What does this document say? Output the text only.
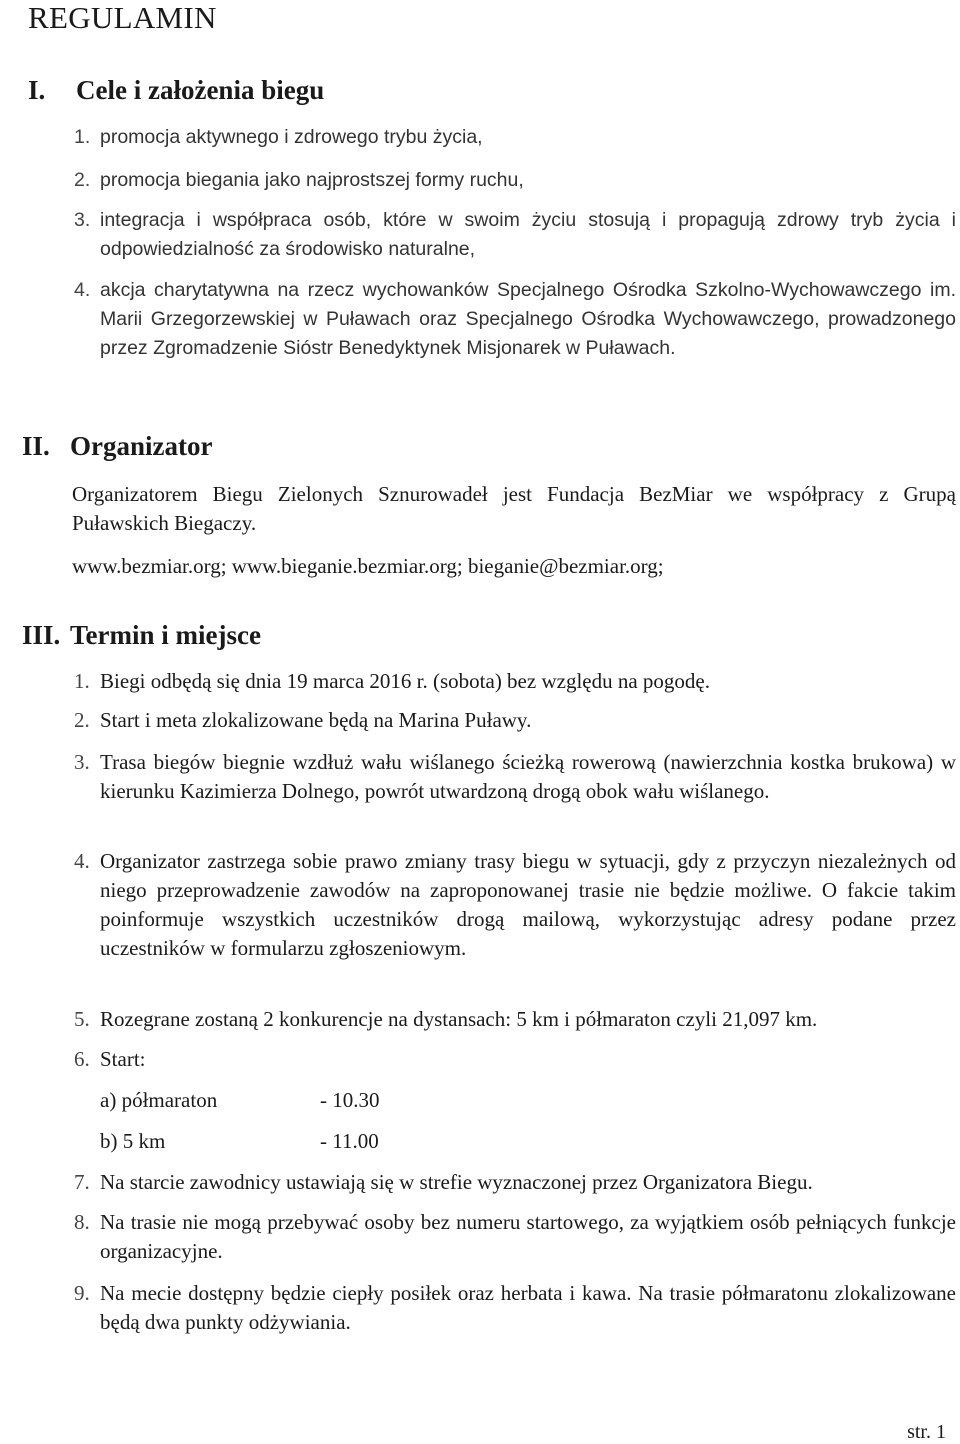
REGULAMIN
I.	Cele i założenia biegu
1. promocja aktywnego i zdrowego trybu życia,
2. promocja biegania jako najprostszej formy ruchu,
3. integracja i współpraca osób, które w swoim życiu stosują i propagują zdrowy tryb życia i odpowiedzialność za środowisko naturalne,
4. akcja charytatywna na rzecz wychowanków Specjalnego Ośrodka Szkolno-Wychowawczego im. Marii Grzegorzewskiej w Puławach oraz Specjalnego Ośrodka Wychowawczego, prowadzonego przez Zgromadzenie Sióstr Benedyktynek Misjonarek w Puławach.
II. Organizator
Organizatorem Biegu Zielonych Sznurowadeł jest Fundacja BezMiar we współpracy z Grupą Puławskich Biegaczy.
www.bezmiar.org; www.bieganie.bezmiar.org; bieganie@bezmiar.org;
III. Termin i miejsce
1. Biegi odbędą się dnia 19 marca 2016 r. (sobota) bez względu na pogodę.
2. Start i meta zlokalizowane będą na Marina Puławy.
3. Trasa biegów biegnie wzdłuż wału wiślanego ścieżką rowerową (nawierzchnia kostka brukowa) w kierunku Kazimierza Dolnego, powrót utwardzoną drogą obok wału wiślanego.
4. Organizator zastrzega sobie prawo zmiany trasy biegu w sytuacji, gdy z przyczyn niezależnych od niego przeprowadzenie zawodów na zaproponowanej trasie nie będzie możliwe. O fakcie takim poinformuje wszystkich uczestników drogą mailową, wykorzystując adresy podane przez uczestników w formularzu zgłoszeniowym.
5. Rozegrane zostaną 2 konkurencje na dystansach: 5 km i półmaraton czyli 21,097 km.
6. Start:
a) półmaraton	- 10.30
b) 5 km	- 11.00
7. Na starcie zawodnicy ustawiają się w strefie wyznaczonej przez Organizatora Biegu.
8. Na trasie nie mogą przebywać osoby bez numeru startowego, za wyjątkiem osób pełniących funkcje organizacyjne.
9. Na mecie dostępny będzie ciepły posiłek oraz herbata i kawa. Na trasie półmaratonu zlokalizowane będą dwa punkty odżywiania.
str. 1
